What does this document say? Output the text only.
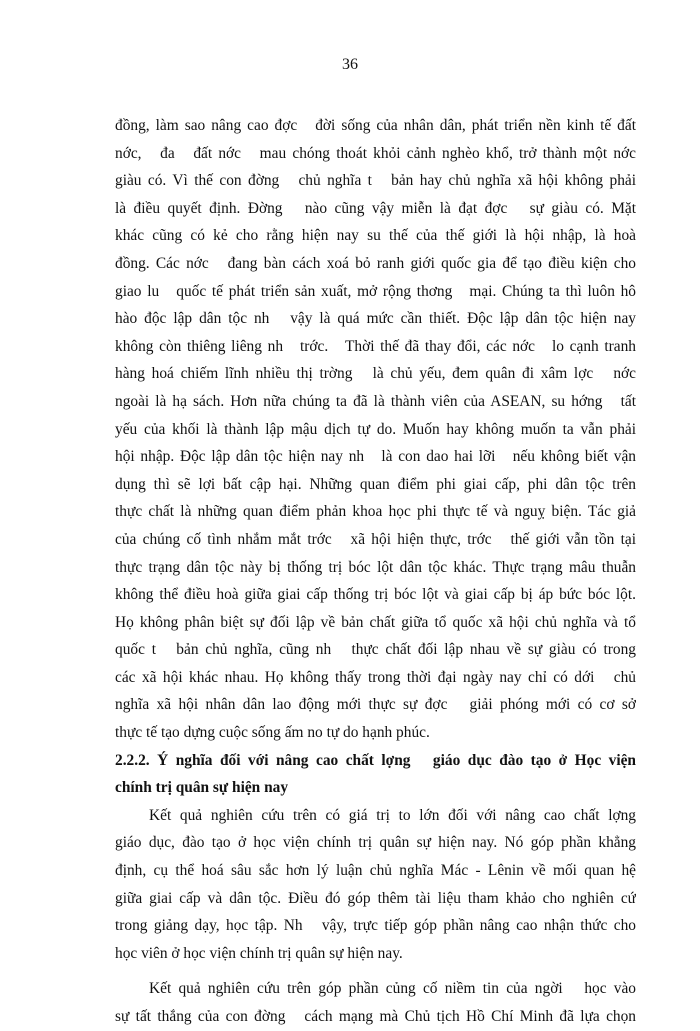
36
đồng, làm sao nâng cao đợc   đời sống của nhân dân, phát triển nền kinh tế đất
nớc,   đa   đất nớc   mau chóng thoát khỏi cảnh nghèo khổ, trở thành một nớc
giàu có. Vì thế con đờng   chủ nghĩa t   bản hay chủ nghĩa xã hội không phải
là điều quyết định. Đờng   nào cũng vậy miễn là đạt đợc   sự giàu có. Mặt
khác cũng có kẻ cho rằng hiện nay su thế của thế giới là hội nhập, là hoà
đồng. Các nớc   đang bàn cách xoá bỏ ranh giới quốc gia để tạo điều kiện cho
giao lu   quốc tế phát triển sản xuất, mở rộng thơng   mại. Chúng ta thì luôn hô
hào độc lập dân tộc nh   vậy là quá mức cần thiết. Độc lập dân tộc hiện nay
không còn thiêng liêng nh   trớc.   Thời thế đã thay đổi, các nớc   lo cạnh tranh
hàng hoá chiếm lĩnh nhiều thị trờng   là chủ yếu, đem quân đi xâm lợc   nớc
ngoài là hạ sách. Hơn nữa chúng ta đã là thành viên của ASEAN, su hớng   tất
yếu của khối là thành lập mậu dịch tự do. Muốn hay không muốn ta vẫn phải
hội nhập. Độc lập dân tộc hiện nay nh   là con dao hai lỡi   nếu không biết vận
dụng thì sẽ lợi bất cập hại. Những quan điểm phi giai cấp, phi dân tộc trên
thực chất là những quan điểm phản khoa học phi thực tế và nguỵ biện. Tác giả
của chúng cố tình nhắm mắt trớc   xã hội hiện thực, trớc   thế giới vẫn tồn tại
thực trạng dân tộc này bị thống trị bóc lột dân tộc khác. Thực trạng mâu thuẫn
không thể điều hoà giữa giai cấp thống trị bóc lột và giai cấp bị áp bức bóc lột.
Họ không phân biệt sự đối lập về bản chất giữa tổ quốc xã hội chủ nghĩa và tổ
quốc t   bản chủ nghĩa, cũng nh   thực chất đối lập nhau về sự giàu có trong
các xã hội khác nhau. Họ không thấy trong thời đại ngày nay chỉ có dới   chủ
nghĩa xã hội nhân dân lao động mới thực sự đợc   giải phóng mới có cơ sở
thực tế tạo dựng cuộc sống ấm no tự do hạnh phúc.
2.2.2. Ý nghĩa đối với nâng cao chất lợng   giáo dục đào tạo ở Học viện
chính trị quân sự hiện nay
Kết quả nghiên cứu trên có giá trị to lớn đối với nâng cao chất lợng
giáo dục, đào tạo ở học viện chính trị quân sự hiện nay. Nó góp phần khẳng
định, cụ thể hoá sâu sắc hơn lý luận chủ nghĩa Mác - Lênin về mối quan hệ
giữa giai cấp và dân tộc. Điều đó góp thêm tài liệu tham khảo cho nghiên cứ
trong giảng dạy, học tập. Nh   vậy, trực tiếp góp phần nâng cao nhận thức cho
học viên ở học viện chính trị quân sự hiện nay.
Kết quả nghiên cứu trên góp phần củng cố niềm tin của ngời   học vào
sự tất thắng của con đờng   cách mạng mà Chủ tịch Hồ Chí Minh đã lựa chọn
